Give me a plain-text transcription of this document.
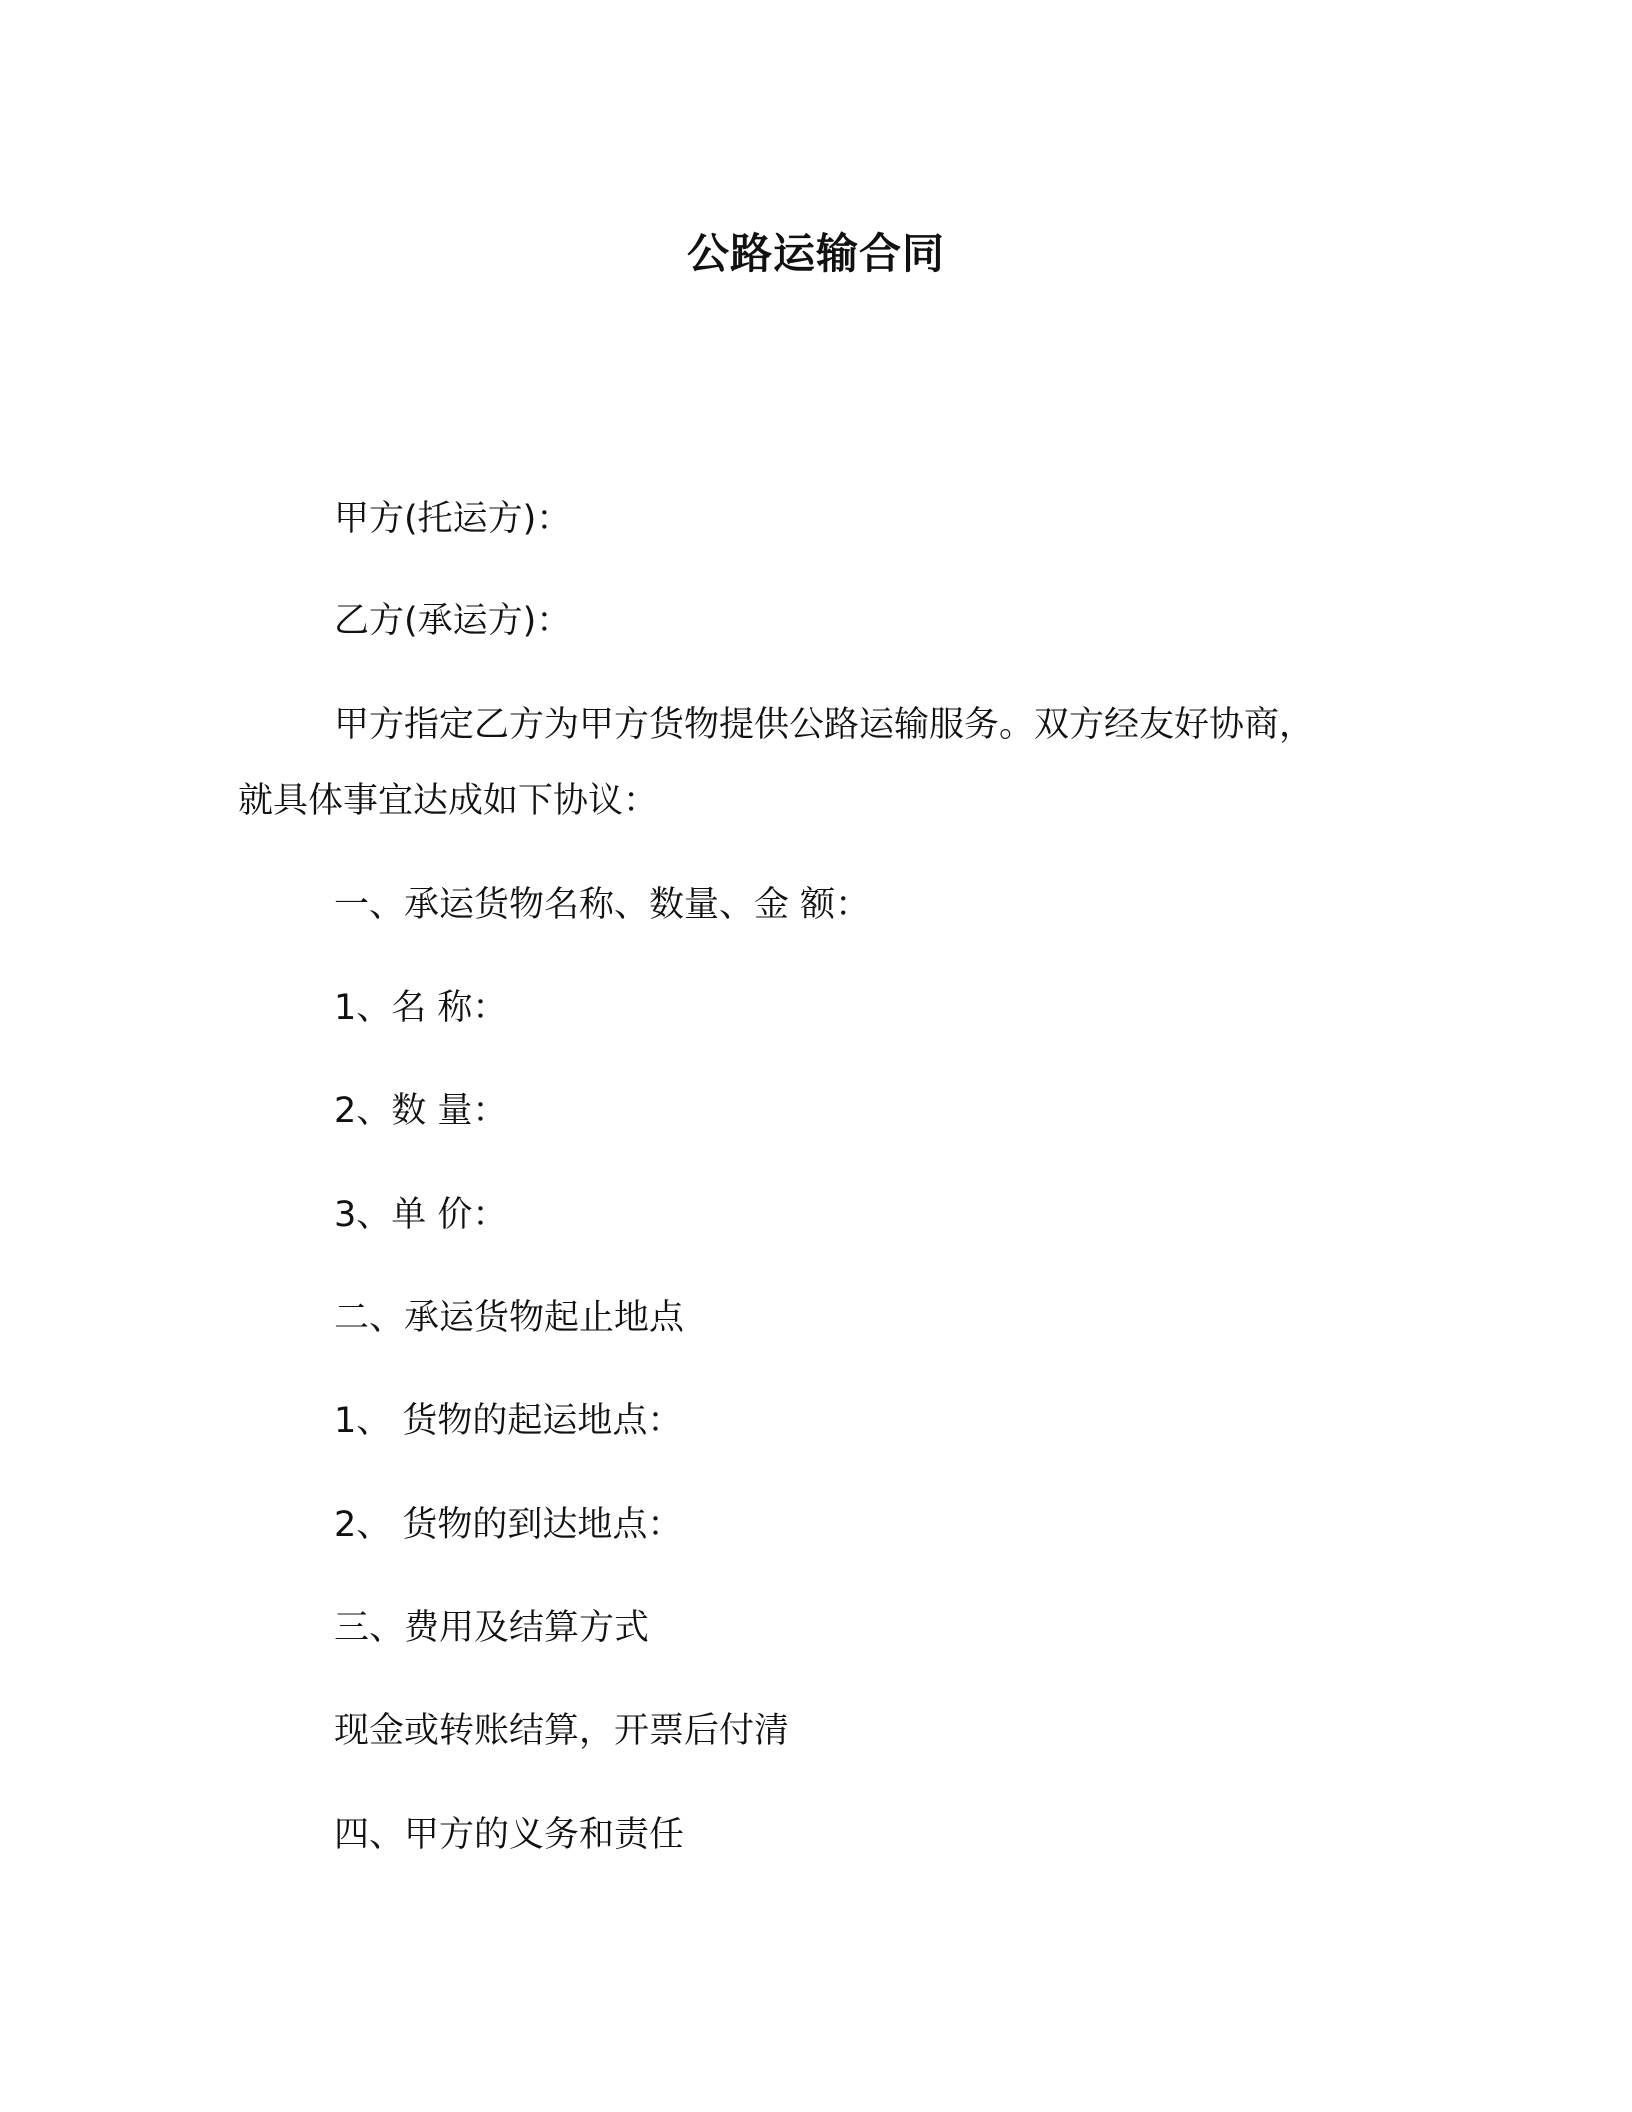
公路运输合同
甲方(托运方)：
乙方(承运方)：
甲方指定乙方为甲方货物提供公路运输服务。双方经友好协商，
就具体事宜达成如下协议：
一、承运货物名称、数量、金 额：
1、名 称：
2、数 量：
3、单 价：
二、承运货物起止地点
1、 货物的起运地点：
2、 货物的到达地点：
三、费用及结算方式
现金或转账结算，开票后付清
四、甲方的义务和责任
